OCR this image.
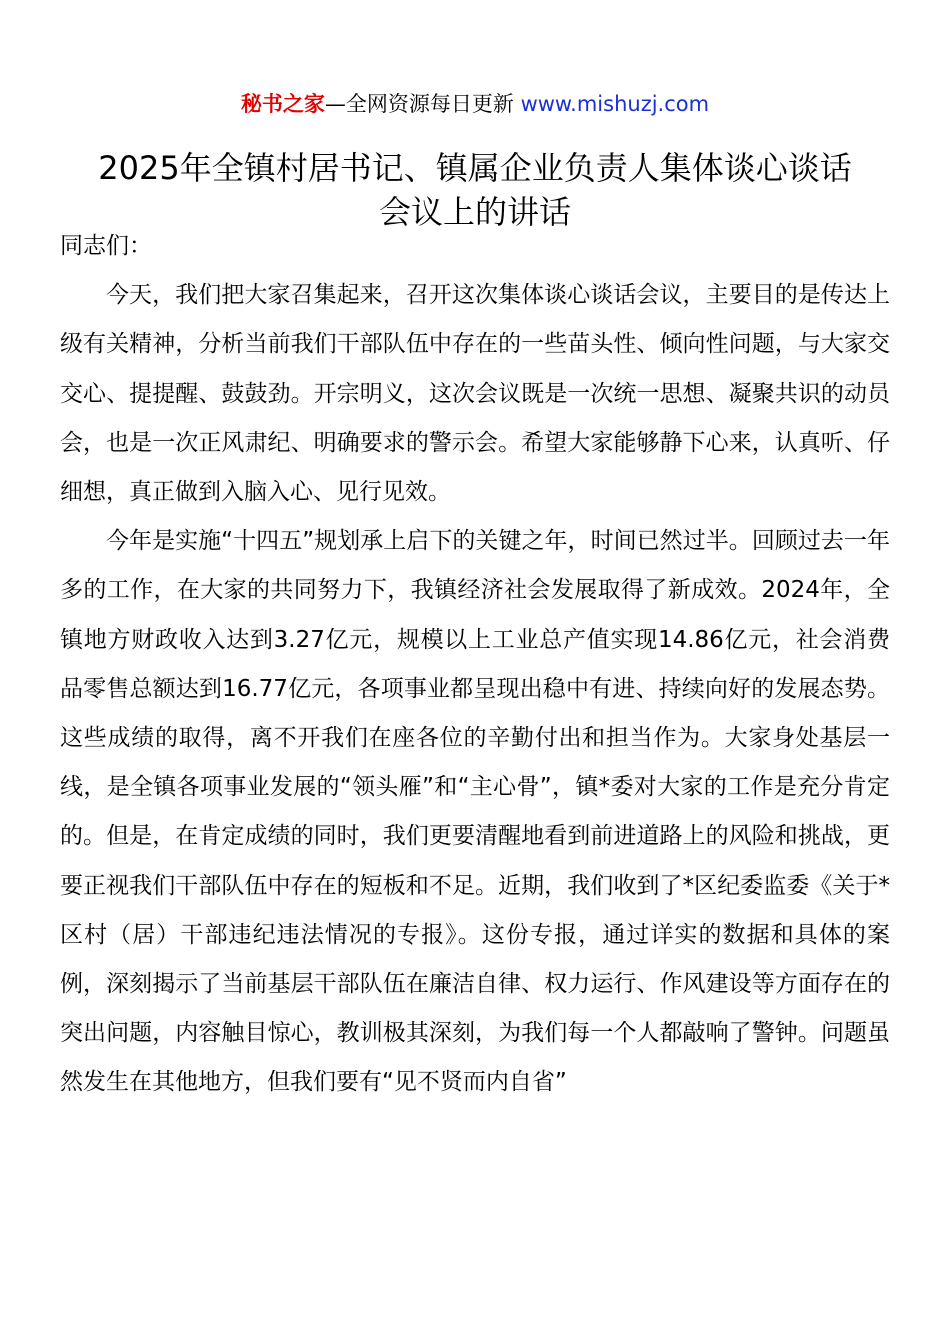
秘书之家—全网资源每日更新 www.mishuzj.com
2025年全镇村居书记、镇属企业负责人集体谈心谈话
会议上的讲话

同志们：

今天，我们把大家召集起来，召开这次集体谈心谈话会议，主要目的是传达上级有关精神，分析当前我们干部队伍中存在的一些苗头性、倾向性问题，与大家交交心、提提醒、鼓鼓劲。开宗明义，这次会议既是一次统一思想、凝聚共识的动员会，也是一次正风肃纪、明确要求的警示会。希望大家能够静下心来，认真听、仔细想，真正做到入脑入心、见行见效。

今年是实施“十四五”规划承上启下的关键之年，时间已然过半。回顾过去一年多的工作，在大家的共同努力下，我镇经济社会发展取得了新成效。2024年，全镇地方财政收入达到3.27亿元，规模以上工业总产值实现14.86亿元，社会消费品零售总额达到16.77亿元，各项事业都呈现出稳中有进、持续向好的发展态势。这些成绩的取得，离不开我们在座各位的辛勤付出和担当作为。大家身处基层一线，是全镇各项事业发展的“领头雁”和“主心骨”，镇*委对大家的工作是充分肯定的。但是，在肯定成绩的同时，我们更要清醒地看到前进道路上的风险和挑战，更要正视我们干部队伍中存在的短板和不足。近期，我们收到了*区纪委监委《关于*区村（居）干部违纪违法情况的专报》。这份专报，通过详实的数据和具体的案例，深刻揭示了当前基层干部队伍在廉洁自律、权力运行、作风建设等方面存在的突出问题，内容触目惊心，教训极其深刻，为我们每一个人都敲响了警钟。问题虽然发生在其他地方，但我们要有“见不贤而内自省”
